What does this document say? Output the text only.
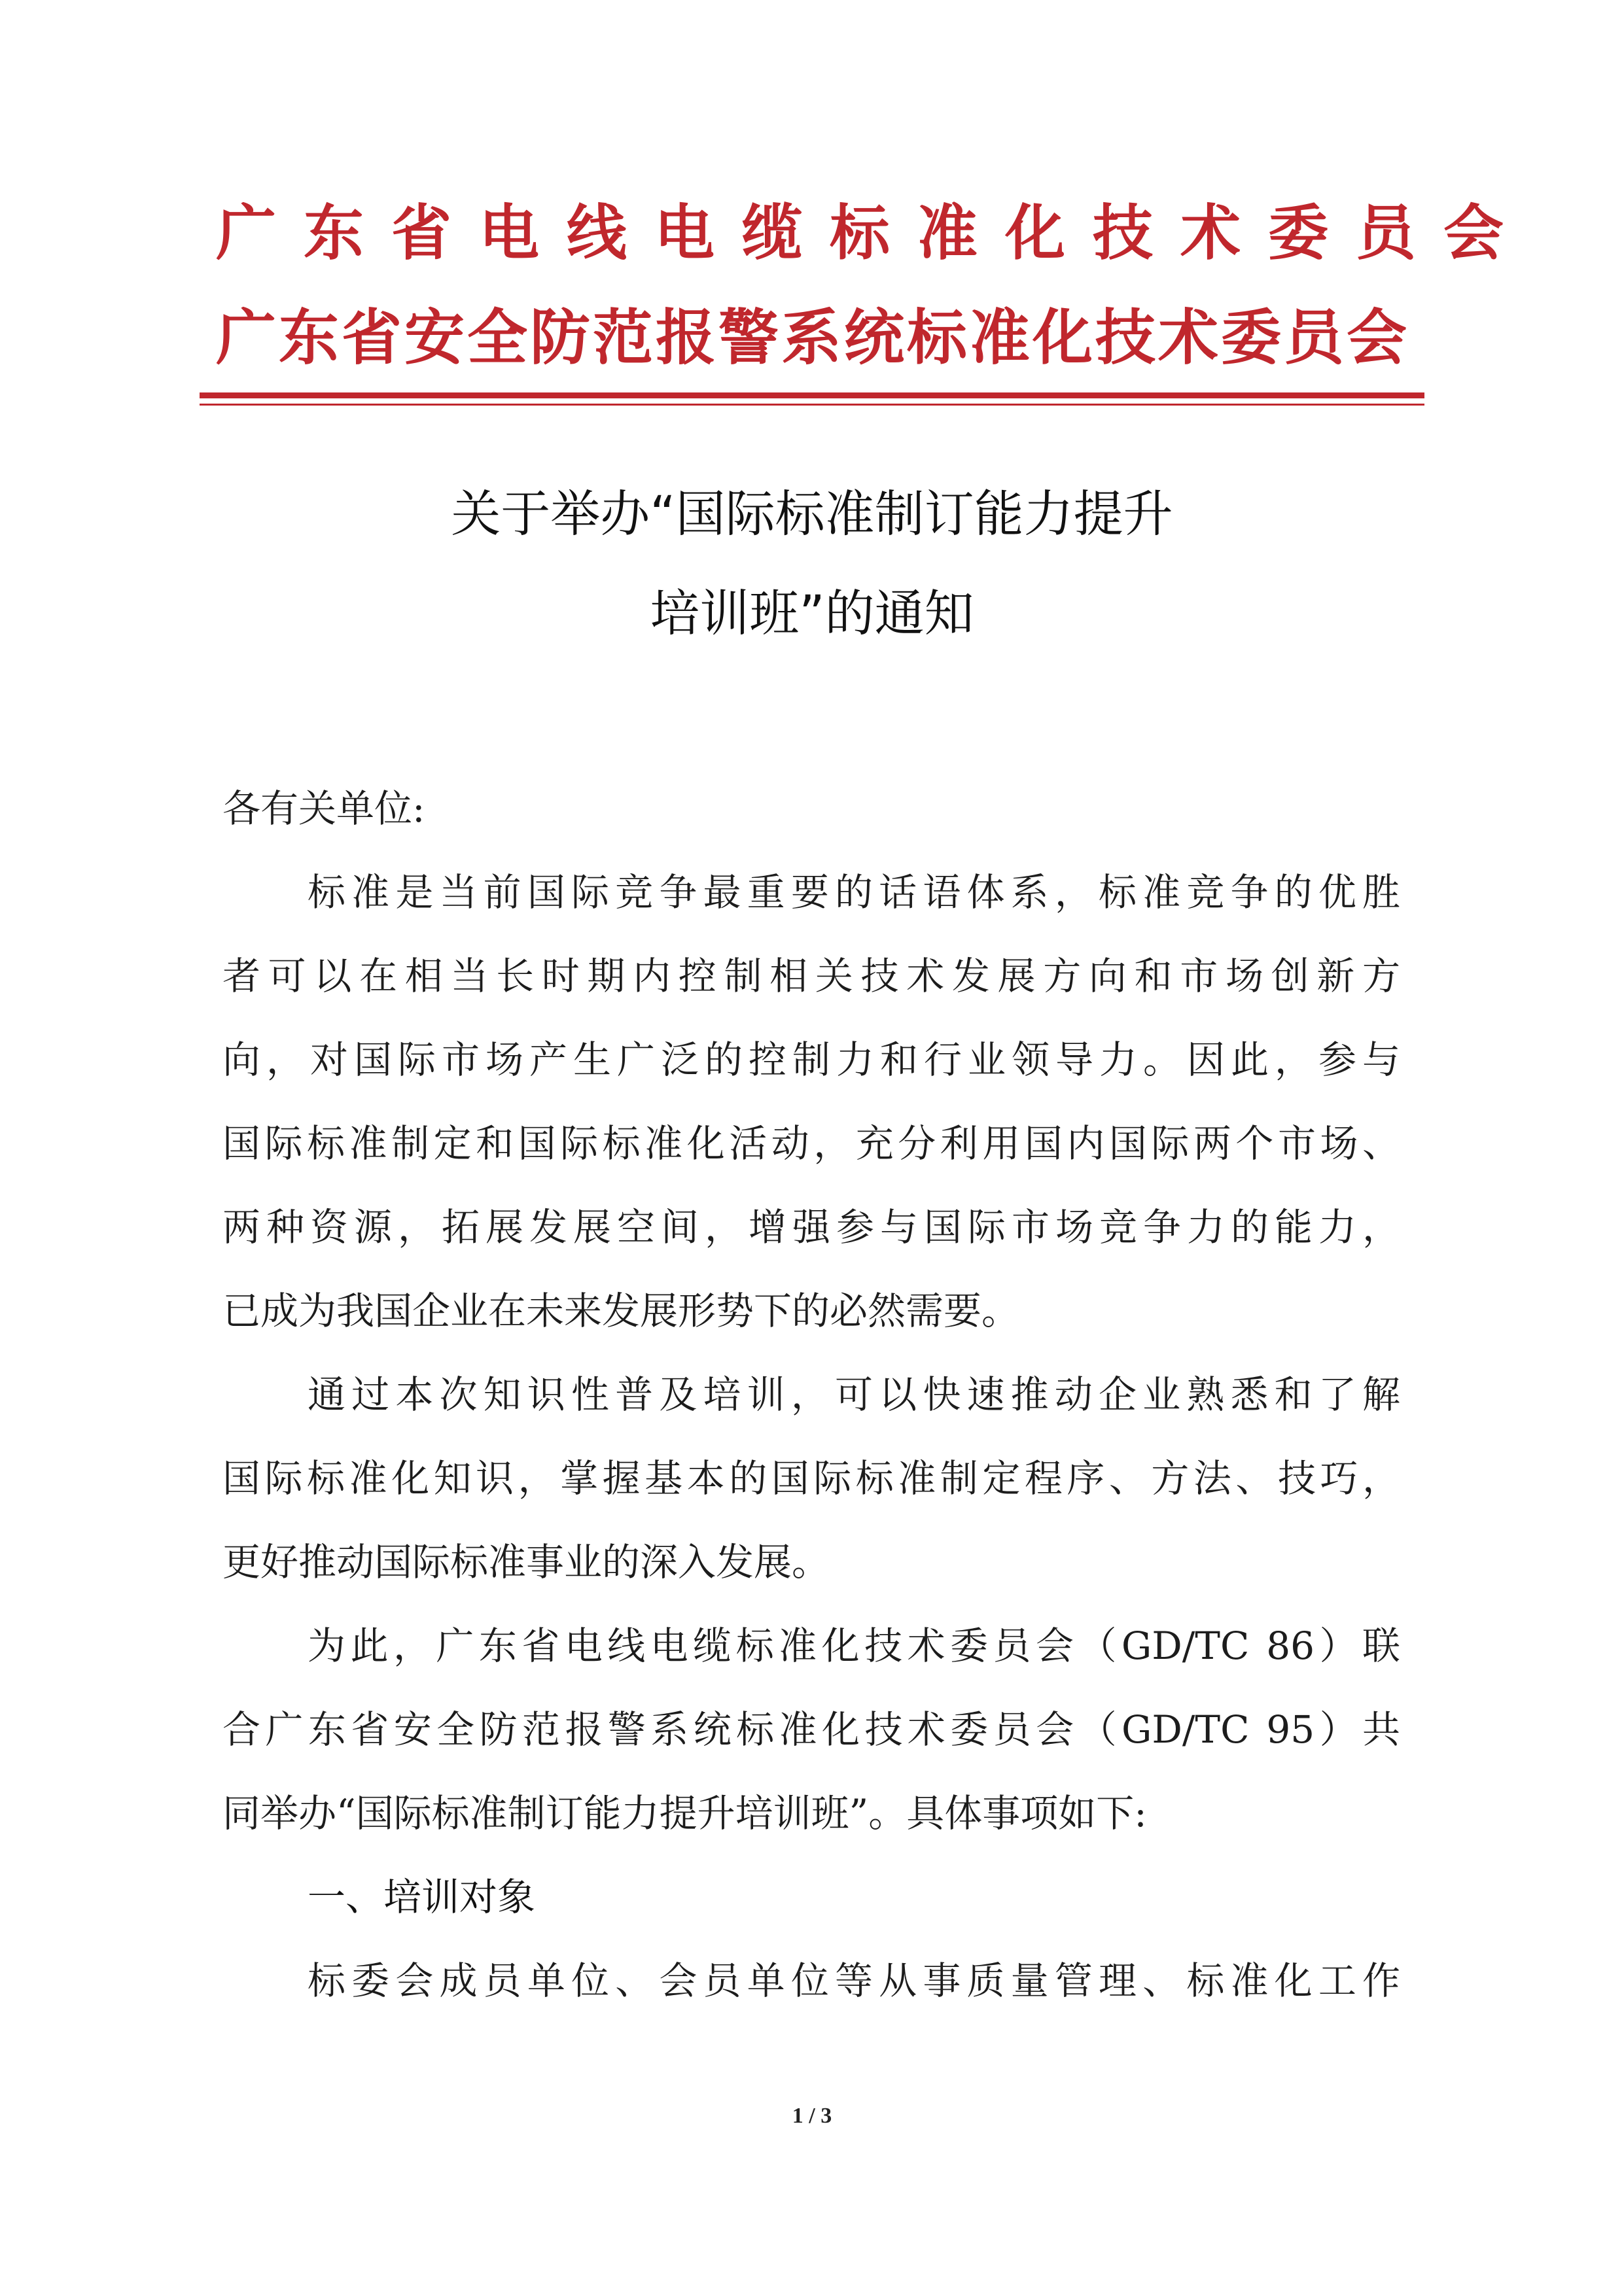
广东省电线电缆标准化技术委员会
广东省安全防范报警系统标准化技术委员会
关于举办“国际标准制订能力提升
培训班”的通知
各有关单位:
标准是当前国际竞争最重要的话语体系，标准竞争的优胜
者可以在相当长时期内控制相关技术发展方向和市场创新方
向，对国际市场产生广泛的控制力和行业领导力。因此，参与
国际标准制定和国际标准化活动，充分利用国内国际两个市场、
两种资源，拓展发展空间，增强参与国际市场竞争力的能力，
已成为我国企业在未来发展形势下的必然需要。
通过本次知识性普及培训，可以快速推动企业熟悉和了解
国际标准化知识，掌握基本的国际标准制定程序、方法、技巧，
更好推动国际标准事业的深入发展。
为此，广东省电线电缆标准化技术委员会（GD/TC 86）联
合广东省安全防范报警系统标准化技术委员会（GD/TC 95）共
同举办“国际标准制订能力提升培训班”。具体事项如下:
一、培训对象
标委会成员单位、会员单位等从事质量管理、标准化工作
1 / 3
